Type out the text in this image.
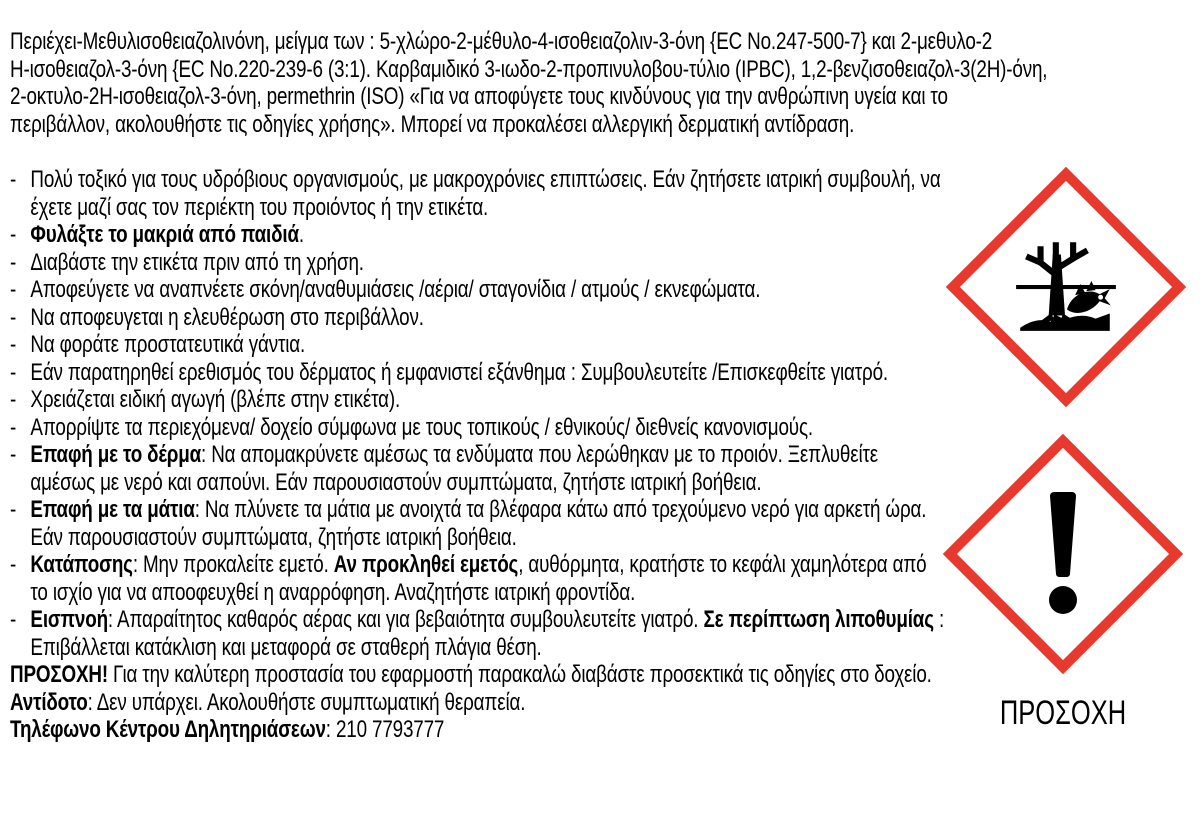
Περιέχει-Μεθυλισοθειαζολινόνη, μείγμα των : 5-χλώρο-2-μέθυλο-4-ισοθειαζολιν-3-όνη {EC No.247-500-7} και 2-μεθυλο-2
Η-ισοθειαζολ-3-όνη {EC No.220-239-6 (3:1). Καρβαμιδικό 3-ιωδο-2-προπινυλοβου-τύλιο (IPBC), 1,2-βενζισοθειαζολ-3(2Η)-όνη,
2-οκτυλο-2Η-ισοθειαζολ-3-όνη, permethrin (ISO) «Για να αποφύγετε τους κινδύνους για την ανθρώπινη υγεία και το
περιβάλλον, ακολουθήστε τις οδηγίες χρήσης». Μπορεί να προκαλέσει αλλεργική δερματική αντίδραση.
- Πολύ τοξικό για τους υδρόβιους οργανισμούς, με μακροχρόνιες επιπτώσεις. Εάν ζητήσετε ιατρική συμβουλή, να έχετε μαζί σας τον περιέκτη του προιόντος ή την ετικέτα.
- Φυλάξτε το μακριά από παιδιά.
- Διαβάστε την ετικέτα πριν από τη χρήση.
- Αποφεύγετε να αναπνέετε σκόνη/αναθυμιάσεις /αέρια/ σταγονίδια / ατμούς / εκνεφώματα.
- Να αποφευγεται η ελευθέρωση στο περιβάλλον.
- Να φοράτε προστατευτικά γάντια.
- Εάν παρατηρηθεί ερεθισμός του δέρματος ή εμφανιστεί εξάνθημα : Συμβουλευτείτε /Επισκεφθείτε γιατρό.
- Χρειάζεται ειδική αγωγή (βλέπε στην ετικέτα).
- Απορρίψτε τα περιεχόμενα/ δοχείο σύμφωνα με τους τοπικούς / εθνικούς/ διεθνείς κανονισμούς.
- Επαφή με το δέρμα: Να απομακρύνετε αμέσως τα ενδύματα που λερώθηκαν με το προιόν. Ξεπλυθείτε αμέσως με νερό και σαπούνι. Εάν παρουσιαστούν συμπτώματα, ζητήστε ιατρική βοήθεια.
- Επαφή με τα μάτια: Να πλύνετε τα μάτια με ανοιχτά τα βλέφαρα κάτω από τρεχούμενο νερό για αρκετή ώρα. Εάν παρουσιαστούν συμπτώματα, ζητήστε ιατρική βοήθεια.
- Κατάποσης: Μην προκαλείτε εμετό. Αν προκληθεί εμετός, αυθόρμητα, κρατήστε το κεφάλι χαμηλότερα από το ισχίο για να αποοφευχθεί η αναρρόφηση. Αναζητήστε ιατρική φροντίδα.
- Εισπνοή: Απαραίτητος καθαρός αέρας και για βεβαιότητα συμβουλευτείτε γιατρό. Σε περίπτωση λιποθυμίας : Επιβάλλεται κατάκλιση και μεταφορά σε σταθερή πλάγια θέση.
ΠΡΟΣΟΧΗ! Για την καλύτερη προστασία του εφαρμοστή παρακαλώ διαβάστε προσεκτικά τις οδηγίες στο δοχείο. Αντίδοτο: Δεν υπάρχει. Ακολουθήστε συμπτωματική θεραπεία.
Τηλέφωνο Κέντρου Δηλητηριάσεων: 210 7793777	ΠΡΟΣΟΧΗ
